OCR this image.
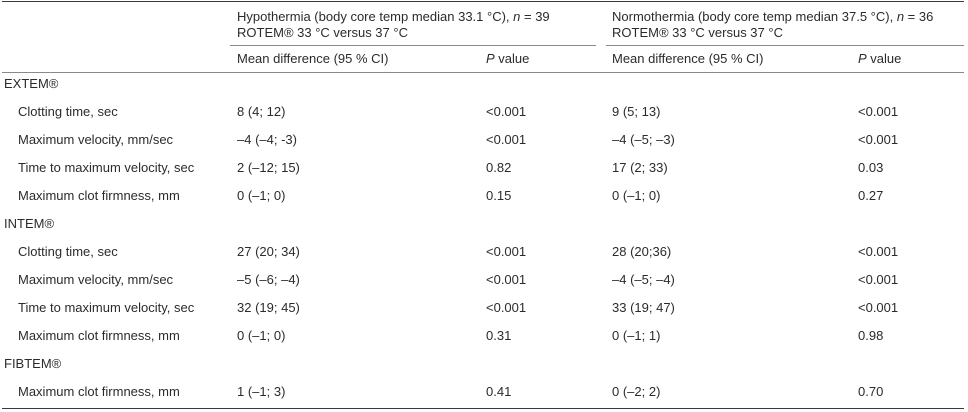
Hypothermia (body core temp median 33.1 °C), n = 39
ROTEM® 33 °C versus 37 °C
Normothermia (body core temp median 37.5 °C), n = 36
ROTEM® 33 °C versus 37 °C
Mean difference (95 % CI)	P value	Mean difference (95 % CI)	P value
EXTEM®
Clotting time, sec	8 (4; 12)	<0.001	9 (5; 13)	<0.001
Maximum velocity, mm/sec	–4 (–4; -3)	<0.001	–4 (–5; –3)	<0.001
Time to maximum velocity, sec	2 (–12; 15)	0.82	17 (2; 33)	0.03
Maximum clot firmness, mm	0 (–1; 0)	0.15	0 (–1; 0)	0.27
INTEM®
Clotting time, sec	27 (20; 34)	<0.001	28 (20;36)	<0.001
Maximum velocity, mm/sec	–5 (–6; –4)	<0.001	–4 (–5; –4)	<0.001
Time to maximum velocity, sec	32 (19; 45)	<0.001	33 (19; 47)	<0.001
Maximum clot firmness, mm	0 (–1; 0)	0.31	0 (–1; 1)	0.98
FIBTEM®
Maximum clot firmness, mm	1 (–1; 3)	0.41	0 (–2; 2)	0.70
